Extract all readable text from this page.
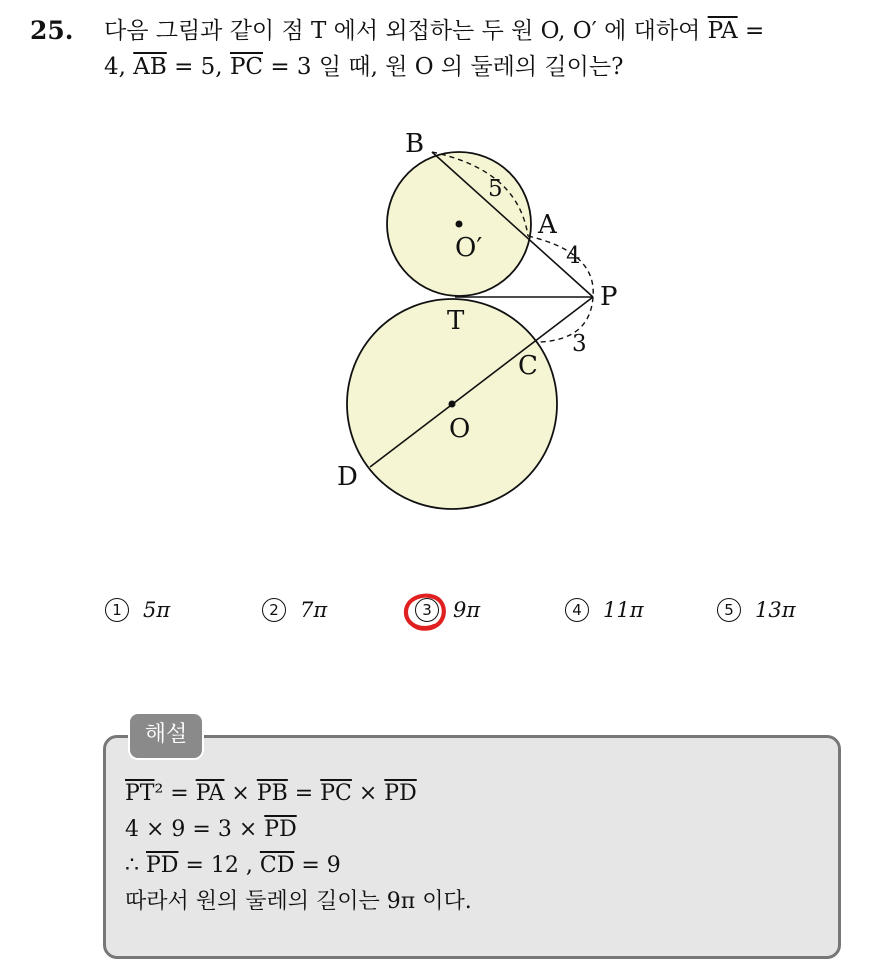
25. 다음 그림과 같이 점 T 에서 외접하는 두 원 O, O′ 에 대하여 $\overline{PA}$ =
4, $\overline{AB} = 5$, $\overline{PC} = 3$ 일 때, 원 O 의 둘레의 길이는?
B
A
P
T
C
D
O
O′
5
4
3
1 5π	2 7π	3 9π	4 11π	5 13π
해설
$\overline{PT}^2 = \overline{PA} \times \overline{PB} = \overline{PC} \times \overline{PD}$
$4 \times 9 = 3 \times \overline{PD}$
∴ $\overline{PD} = 12$ , $\overline{CD} = 9$
따라서 원의 둘레의 길이는 9π 이다.
